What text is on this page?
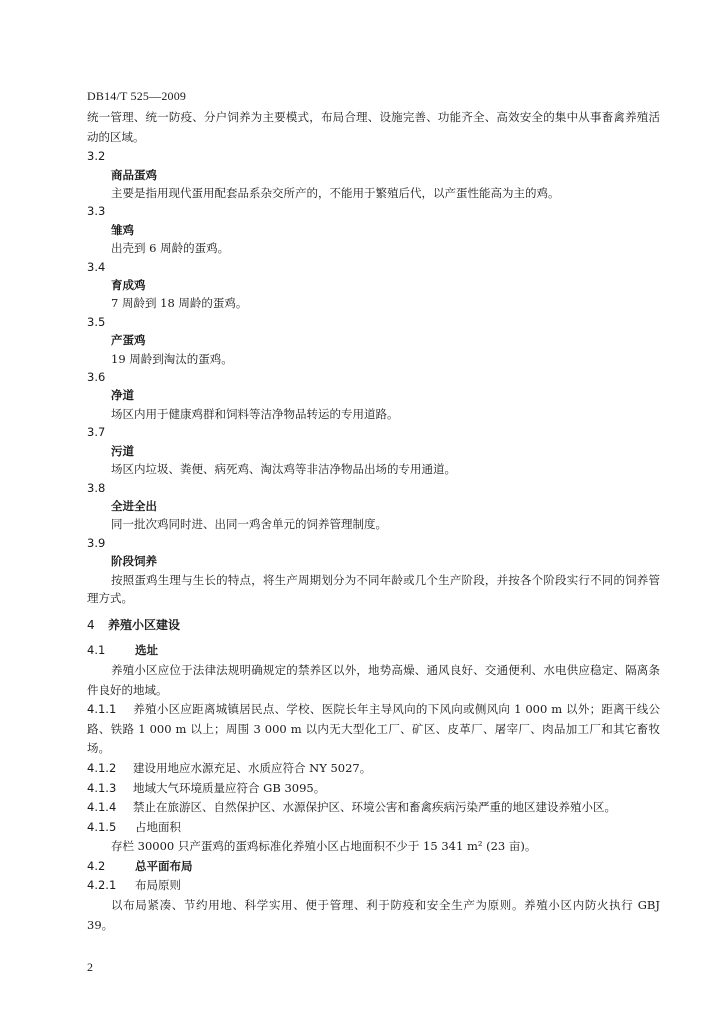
DB14/T 525—2009

统一管理、统一防疫、分户饲养为主要模式，布局合理、设施完善、功能齐全、高效安全的集中从事畜禽养殖活动的区域。

3.2

商品蛋鸡

主要是指用现代蛋用配套品系杂交所产的，不能用于繁殖后代，以产蛋性能高为主的鸡。

3.3

雏鸡

出壳到 6 周龄的蛋鸡。

3.4

育成鸡

7 周龄到 18 周龄的蛋鸡。

3.5

产蛋鸡

19 周龄到淘汰的蛋鸡。

3.6

净道

场区内用于健康鸡群和饲料等洁净物品转运的专用道路。

3.7

污道

场区内垃圾、粪便、病死鸡、淘汰鸡等非洁净物品出场的专用通道。

3.8

全进全出

同一批次鸡同时进、出同一鸡舍单元的饲养管理制度。

3.9

阶段饲养

按照蛋鸡生理与生长的特点，将生产周期划分为不同年龄或几个生产阶段，并按各个阶段实行不同的饲养管理方式。

4 养殖小区建设

4.1	选址

养殖小区应位于法律法规明确规定的禁养区以外，地势高燥、通风良好、交通便利、水电供应稳定、隔离条件良好的地域。

4.1.1 养殖小区应距离城镇居民点、学校、医院长年主导风向的下风向或侧风向 1 000 m 以外；距离干线公路、铁路 1 000 m 以上；周围 3 000 m 以内无大型化工厂、矿区、皮革厂、屠宰厂、肉品加工厂和其它畜牧场。

4.1.2 建设用地应水源充足、水质应符合 NY 5027。

4.1.3 地域大气环境质量应符合 GB 3095。

4.1.4 禁止在旅游区、自然保护区、水源保护区、环境公害和畜禽疾病污染严重的地区建设养殖小区。

4.1.5 占地面积

存栏 30000 只产蛋鸡的蛋鸡标准化养殖小区占地面积不少于 15 341 m² (23 亩)。

4.2	总平面布局

4.2.1 布局原则

以布局紧凑、节约用地、科学实用、便于管理、利于防疫和安全生产为原则。养殖小区内防火执行 GBJ 39。

2
